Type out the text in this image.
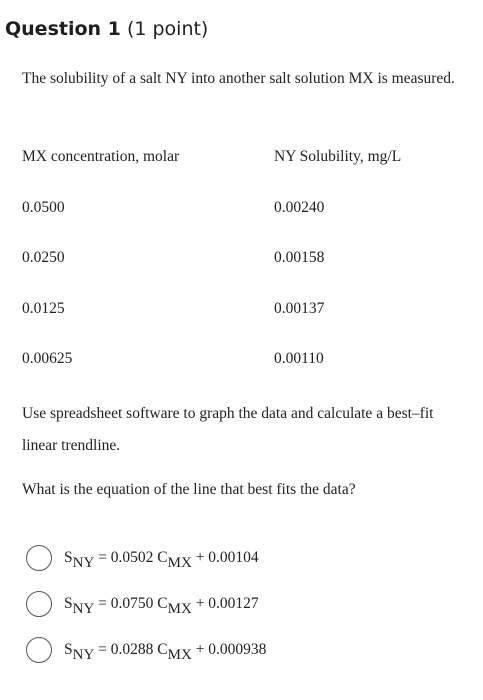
Question 1 (1 point)
The solubility of a salt NY into another salt solution MX is measured.
MX concentration, molar	NY Solubility, mg/L
0.0500	0.00240
0.0250	0.00158
0.0125	0.00137
0.00625	0.00110
Use spreadsheet software to graph the data and calculate a best–fit
linear trendline.
What is the equation of the line that best fits the data?
$S_{NY} = 0.0502$ $C_{MX} + 0.00104$
$S_{NY} = 0.0750$ $C_{MX} + 0.00127$
$S_{NY} = 0.0288$ $C_{MX} + 0.000938$
